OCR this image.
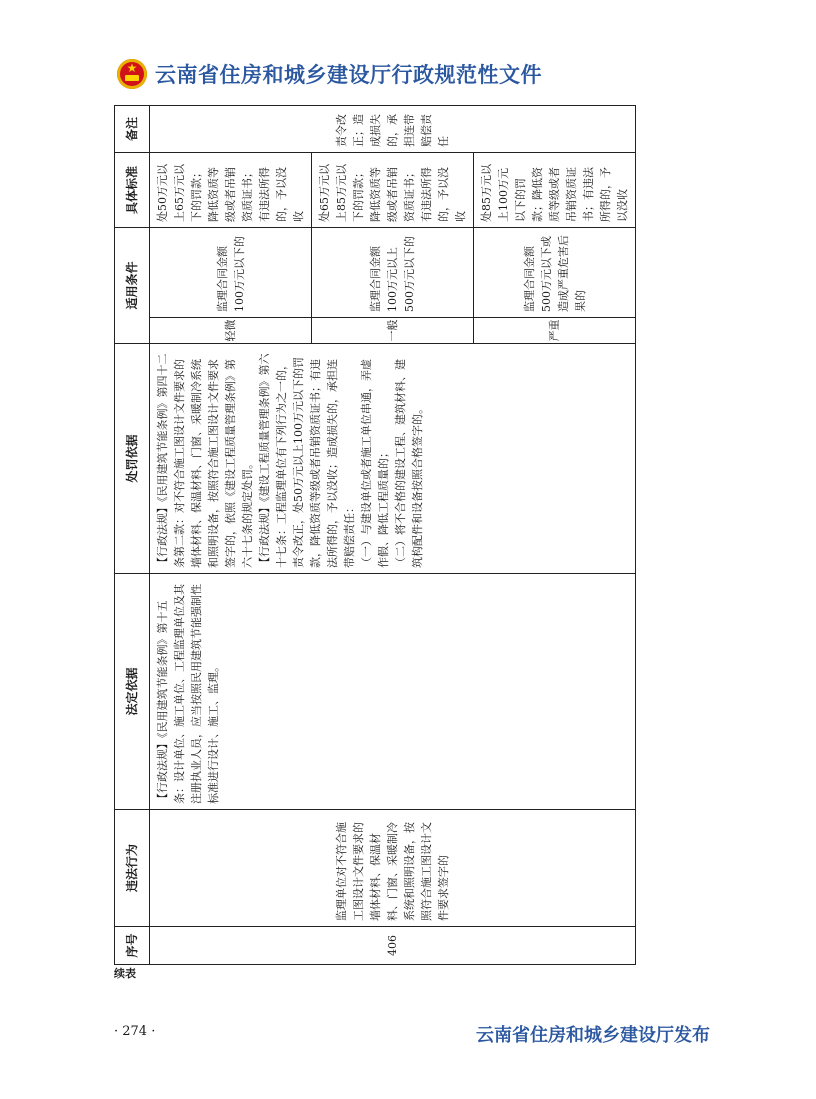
★ 云南省住房和城乡建设厅行政规范性文件
序号	违法行为	法定依据	处罚依据	适用条件		具体标准	备注
406	监理单位对不符合施工图设计文件要求的墙体材料、保温材料、门窗、采暖制冷系统和照明设备，按照符合施工图设计文件要求签字的	【行政法规】《民用建筑节能条例》第十五条：设计单位、施工单位、工程监理单位及其注册执业人员，应当按照民用建筑节能强制性标准进行设计、施工、监理。	【行政法规】《民用建筑节能条例》第四十二条第二款：对不符合施工图设计文件要求的墙体材料、保温材料、门窗、采暖制冷系统和照明设备，按照符合施工图设计文件要求签字的，依照《建设工程质量管理条例》第六十七条的规定处罚。 【行政法规】《建设工程质量管理条例》第六十七条：工程监理单位有下列行为之一的，责令改正，处50万元以上100万元以下的罚款，降低资质等级或者吊销资质证书；有违法所得的，予以没收；造成损失的，承担连带赔偿责任： （一）与建设单位或者施工单位串通，弄虚作假、降低工程质量的； （二）将不合格的建设工程、建筑材料、建筑构配件和设备按照合格签字的。	轻微	监理合同金额100万元以下的	处50万元以上65万元以下的罚款；降低资质等级或者吊销资质证书；有违法所得的，予以没收	责令改正；造成损失的，承担连带赔偿责任
				一般	监理合同金额100万元以上500万元以下的	处65万元以上85万元以下的罚款；降低资质等级或者吊销资质证书；有违法所得的，予以没收	
				严重	监理合同金额500万元以下或造成严重危害后果的	处85万元以上100万元以下的罚款；降低资质等级或者吊销资质证书；有违法所得的，予以没收	
续表
· 274 ·	云南省住房和城乡建设厅发布
